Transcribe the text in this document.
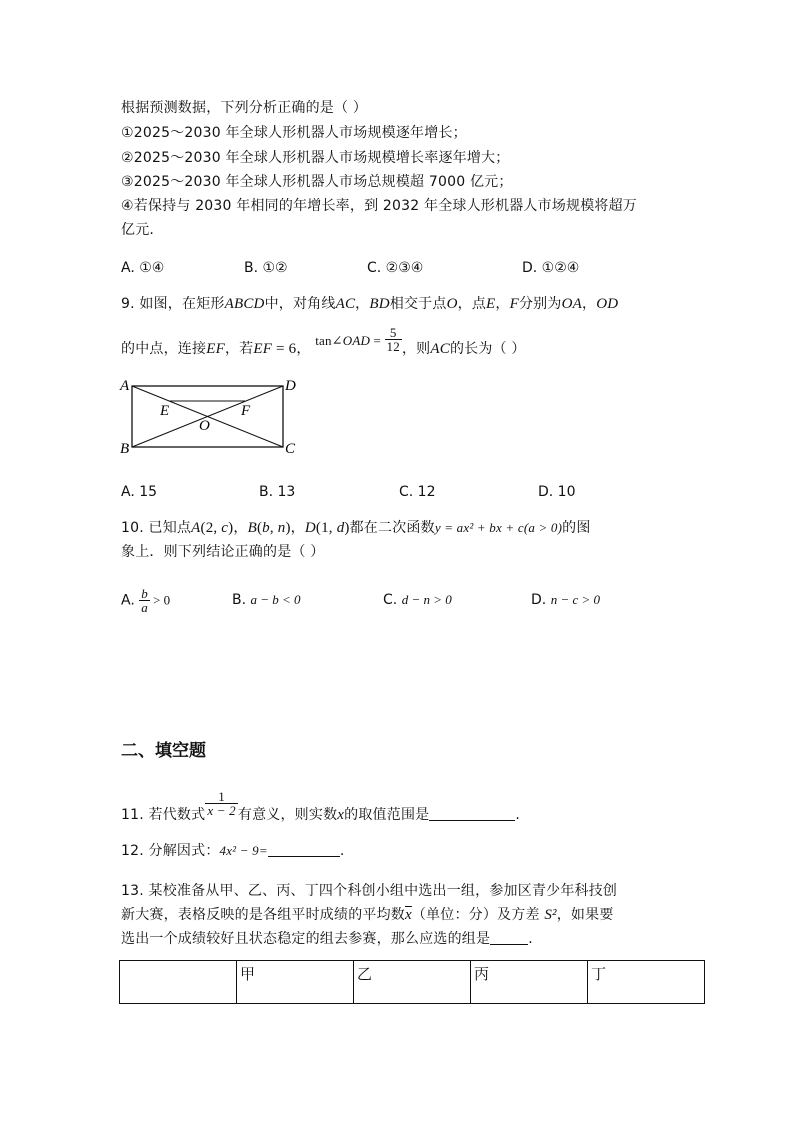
根据预测数据，下列分析正确的是（ ）
①2025～2030 年全球人形机器人市场规模逐年增长；
②2025～2030 年全球人形机器人市场规模增长率逐年增大；
③2025～2030 年全球人形机器人市场总规模超 7000 亿元；
④若保持与 2030 年相同的年增长率，到 2032 年全球人形机器人市场规模将超万
亿元.
A. ①④	B. ①②	C. ②③④	D. ①②④
9. 如图，在矩形ABCD中，对角线AC，BD相交于点O，点E，F分别为OA，OD
的中点，连接EF，若EF = 6， tan∠OAD = $\frac{5}{12}$ ，则AC的长为（ ）
A	D
B	C
E	F
O
A. 15	B. 13	C. 12	D. 10
10. 已知点A(2, c)，B(b, n)，D(1, d)都在二次函数y = ax² + bx + c(a > 0)的图
象上．则下列结论正确的是（ ）
A. $\frac{b}{a} > 0$	B. a − b < 0	C. d − n > 0	D. n − c > 0
二、填空题
11. 若代数式 $\frac{1}{x - 2}$ 有意义，则实数x的取值范围是	.
12. 分解因式：4x² − 9=	.
13. 某校准备从甲、乙、丙、丁四个科创小组中选出一组，参加区青少年科技创
新大赛，表格反映的是各组平时成绩的平均数$\overline{x}$（单位：分）及方差 S²，如果要
选出一个成绩较好且状态稳定的组去参赛，那么应选的组是	.
	甲	乙	丙	丁
